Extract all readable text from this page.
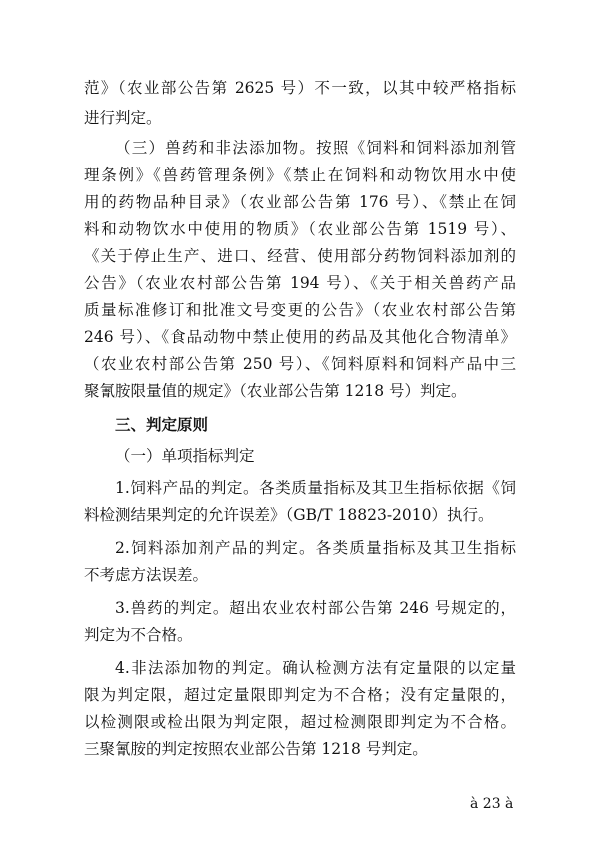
范》（农业部公告第 2625 号）不一致，以其中较严格指标
进行判定。
（三）兽药和非法添加物。按照《饲料和饲料添加剂管
理条例》《兽药管理条例》《禁止在饲料和动物饮用水中使
用的药物品种目录》（农业部公告第 176 号）、《禁止在饲
料和动物饮水中使用的物质》（农业部公告第 1519 号）、
《关于停止生产、进口、经营、使用部分药物饲料添加剂的
公告》（农业农村部公告第 194 号）、《关于相关兽药产品
质量标准修订和批准文号变更的公告》（农业农村部公告第
246 号）、《食品动物中禁止使用的药品及其他化合物清单》
（农业农村部公告第 250 号）、《饲料原料和饲料产品中三
聚氰胺限量值的规定》（农业部公告第 1218 号）判定。
三、判定原则
（一）单项指标判定
1.饲料产品的判定。各类质量指标及其卫生指标依据《饲
料检测结果判定的允许误差》（GB/T 18823-2010）执行。
2.饲料添加剂产品的判定。各类质量指标及其卫生指标
不考虑方法误差。
3.兽药的判定。超出农业农村部公告第 246 号规定的，
判定为不合格。
4.非法添加物的判定。确认检测方法有定量限的以定量
限为判定限，超过定量限即判定为不合格；没有定量限的，
以检测限或检出限为判定限，超过检测限即判定为不合格。
三聚氰胺的判定按照农业部公告第 1218 号判定。
à 23 à
